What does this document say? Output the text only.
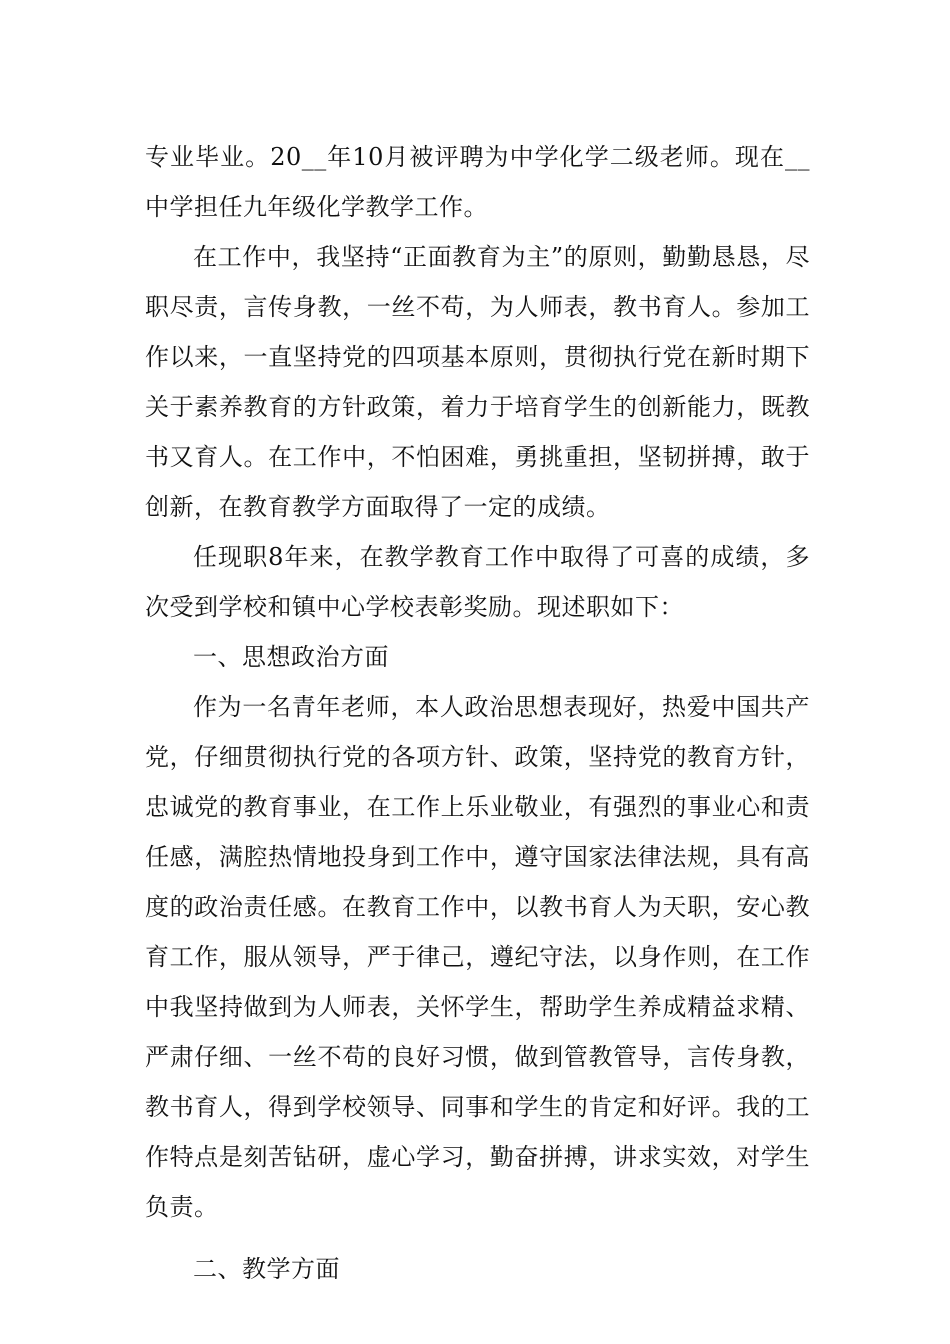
专业毕业。20__年10月被评聘为中学化学二级老师。现在__中学担任九年级化学教学工作。

在工作中，我坚持“正面教育为主”的原则，勤勤恳恳，尽职尽责，言传身教，一丝不苟，为人师表，教书育人。参加工作以来，一直坚持党的四项基本原则，贯彻执行党在新时期下关于素养教育的方针政策，着力于培育学生的创新能力，既教书又育人。在工作中，不怕困难，勇挑重担，坚韧拼搏，敢于创新，在教育教学方面取得了一定的成绩。

任现职8年来，在教学教育工作中取得了可喜的成绩，多次受到学校和镇中心学校表彰奖励。现述职如下：

一、思想政治方面

作为一名青年老师，本人政治思想表现好，热爱中国共产党，仔细贯彻执行党的各项方针、政策，坚持党的教育方针，忠诚党的教育事业，在工作上乐业敬业，有强烈的事业心和责任感，满腔热情地投身到工作中，遵守国家法律法规，具有高度的政治责任感。在教育工作中，以教书育人为天职，安心教育工作，服从领导，严于律己，遵纪守法，以身作则，在工作中我坚持做到为人师表，关怀学生，帮助学生养成精益求精、严肃仔细、一丝不苟的良好习惯，做到管教管导，言传身教，教书育人，得到学校领导、同事和学生的肯定和好评。我的工作特点是刻苦钻研，虚心学习，勤奋拼搏，讲求实效，对学生负责。

二、教学方面
